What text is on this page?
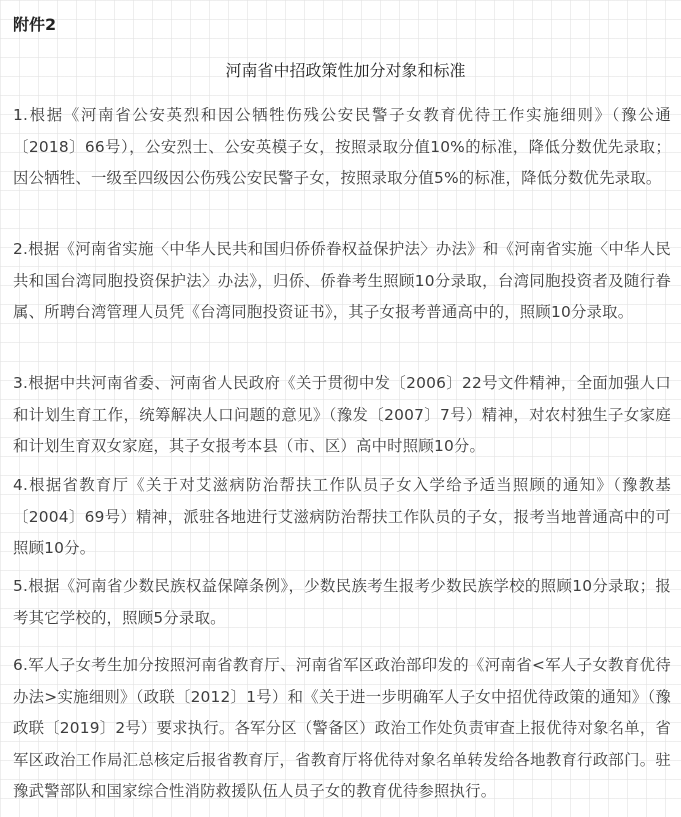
附件2
河南省中招政策性加分对象和标准

1.根据《河南省公安英烈和因公牺牲伤残公安民警子女教育优待工作实施细则》（豫公通〔2018〕66号），公安烈士、公安英模子女，按照录取分值10%的标准，降低分数优先录取；因公牺牲、一级至四级因公伤残公安民警子女，按照录取分值5%的标准，降低分数优先录取。

2.根据《河南省实施〈中华人民共和国归侨侨眷权益保护法〉办法》和《河南省实施〈中华人民共和国台湾同胞投资保护法〉办法》，归侨、侨眷考生照顾10分录取，台湾同胞投资者及随行眷属、所聘台湾管理人员凭《台湾同胞投资证书》，其子女报考普通高中的，照顾10分录取。

3.根据中共河南省委、河南省人民政府《关于贯彻中发〔2006〕22号文件精神，全面加强人口和计划生育工作，统筹解决人口问题的意见》（豫发〔2007〕7号）精神，对农村独生子女家庭和计划生育双女家庭，其子女报考本县（市、区）高中时照顾10分。

4.根据省教育厅《关于对艾滋病防治帮扶工作队员子女入学给予适当照顾的通知》（豫教基〔2004〕69号）精神，派驻各地进行艾滋病防治帮扶工作队员的子女，报考当地普通高中的可照顾10分。

5.根据《河南省少数民族权益保障条例》，少数民族考生报考少数民族学校的照顾10分录取；报考其它学校的，照顾5分录取。

6.军人子女考生加分按照河南省教育厅、河南省军区政治部印发的《河南省<军人子女教育优待办法>实施细则》（政联〔2012〕1号）和《关于进一步明确军人子女中招优待政策的通知》（豫政联〔2019〕2号）要求执行。各军分区（警备区）政治工作处负责审查上报优待对象名单，省军区政治工作局汇总核定后报省教育厅，省教育厅将优待对象名单转发给各地教育行政部门。驻豫武警部队和国家综合性消防救援队伍人员子女的教育优待参照执行。
